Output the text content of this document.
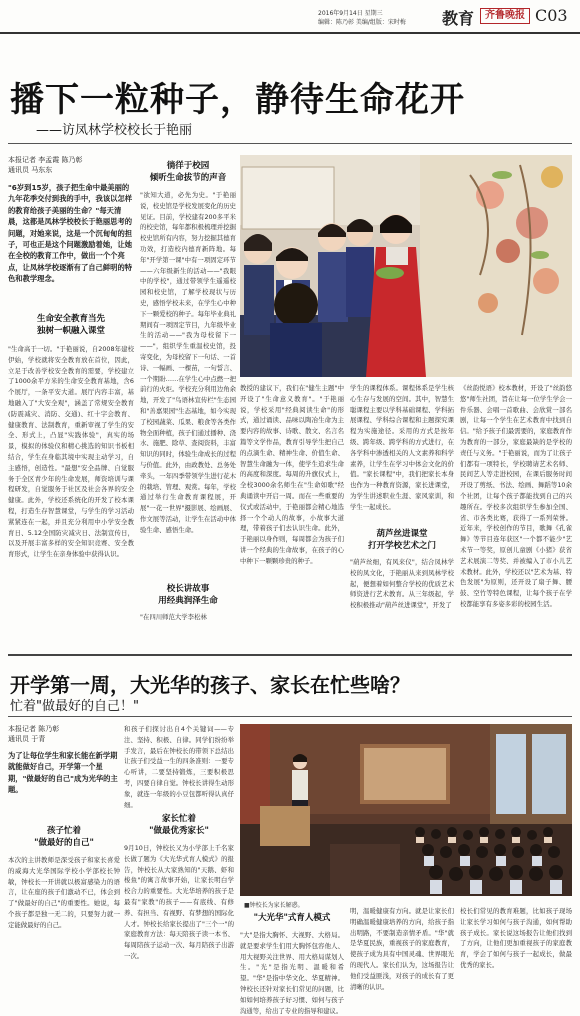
2016年9月14日 星期三
编辑：陈乃彰 美编/组版：宋时梅	教育	齐鲁晚报 C03
播下一粒种子，静待生命花开
——访凤林学校校长于艳丽
本报记者 李孟霞 陈乃彰
通讯员 马东东
"6岁到15岁，孩子把生命中最美丽的九年花季交付到我的手中，我该以怎样的教育给孩子美丽的生命？"每天清晨，这都是凤林学校校长于艳丽思考的问题，对她来说，这是一个沉甸甸的担子，可也正是这个问题激励着她，让她在全校的教育工作中，做出一个个亮点，让凤林学校逐渐有了自己鲜明的特色和教学理念。
生命安全教育当先
独树一帜融入课堂
"生命高于一切。"于艳丽说，自2008年建校伊始，学校就将安全教育放在首位，因此，立足于改善学校安全教育的需要，学校建立了1000余平方米的生命安全教育基地，含6个展厅，一条平安大道。展厅内容丰富，基地融入了"大安全观"，涵盖了常规安全教育(防震减灾、消防、交通)、红十字会教育、健康教育、法制教育，重新审视了学生的安全、形式上，凸显"实践体验"，真实的场景，模拟的体验仪和精心挑选的知识书板相结合，学生在身临其境中实现主动学习，自主感悟，创造性。"最想"安全品牌、自觉服务于全区青少年的生命发展，师资培训与课程研发，自觉服务于社区及社会各界的安全健康。此外，学校还系统化的开发了校本课程，打造生存智慧课堂，与学生的学习活动紧紧连在一起，并且充分利用中小学安全教育日、5.12全国防灾减灾日、法制宣传日，以及开展丰富多样的安全知识竞赛、安全教育形式，让学生在亲身体验中获得认识。
徜徉于校园
倾听生命拔节的声音
"欲知大道，必先为史。"于艳丽说，校史馆是学校发展变化的历史见证。目前，学校建有200多平米的校史馆，每年都积极梳理并挖掘校史馆所有内容，努力挖掘其德育功效，打造校内德育新阵地。每年"开学第一课"中有一项固定环节——六年级新生的活动——"我眼中的学校"，通过带领学生遥遥校园和校史馆，了解学校现状与历史，感悟学校未来，在学生心中种下一颗爱校的种子。每年毕业典礼期间有一项固定节目，九年级毕业生的活动——"我为母校留下一——"，组织学生重温校史馆，投寄变化，为母校留下一句话、一首诗、一幅画、一棵苗，一句誓言、一个期盼……在学生心中点燃一把前行的火炬。学校充分利用边角余地，开发了"鸟语林宣传栏"生态园和"善嘉果园"生态基地，如今实现了校园蔬菜、瓜果、粮食等各类作物全面种植，孩子们通过播种、浇水、施肥、除草、查阅资料，丰富知识的同时，体验生命成长的过程与价值。此外，由政教处、总务处牵头，一年四季带领学生进行花木的栽培、管理、观赏。每年，学校通过举行生命教育课程展，开展"一花一世界"摄影展、绘画展、作文展等活动，让学生在活动中体验生命、感悟生命。
校长讲故事
用经典润泽生命
"在四川师范大学李松林
教授的建议下，我们在"健生主题"中开设了"生命意义教育"。"于艳丽说，学校采用"经典阅读生命"的形式，通过诵读、品味以陶冶生命为主要内容的故事、诗歌、散文、名言名篇等文学作品，教育引导学生把自己的点滴生命、精神生命、价值生命、智慧生命融为一体，使学生追求生命的高度和深度。每周的升旗仪式上，全校3000余名师生在"生命如歌"经典诵读中开启一周。而在一些重要的仪式或活动中，于艳丽都会精心地选择一个个动人的故事，小故事大道理，带着孩子们去认识生命。此外，于艳丽以身作则，每周都会为孩子们讲一个经典的生命故事，在孩子的心中种下一颗颗珍贵的种子。
学生的课程体系。课程体系是学生核心生存与发展的空间。其中，智慧生聪课程主要以学科基础课程、学科拓展课程、学科综合课程和主题探究课程为实施途径。采用的方式是按年级、跨年级、跨学科的方式进行，在各学科中渗透相关的人文素养和科学素养，让学生在学习中体会文化的价值。"家长课程"中，我们把家长本身也作为一种教育资源，家长进课堂，为学生讲述职业生涯、家风家训，和学生一起成长。
葫芦丝进课堂
打开学校艺术之门
"葫芦丝细，有风来仪"，结合凤林学校的凤文化，于艳丽从来到凤林学校起，便想着如何整合学校的优质艺术师资进行艺术教育。从三年级起，学校积极推动"葫芦丝进课堂"，开发了
《丝韵悦语》校本教材，开设了"丝韵悠悠"师生社团，旨在让每一位学生学会一件乐器、会唱一首歌曲、会欣赏一部名剧，让每一个学生在艺术教育中找到自信。"给予孩子们最需要的，家庭教育作为教育的一部分，家庭最缺的是学校的责任与义务。"于艳丽说，而为了让孩子们都有一项特长，学校聘请艺术名师、民间艺人等走进校园，在课后服务时间开设了剪纸、书法、绘画、舞蹈等10余个社团，让每个孩子都能找到自己的兴趣所在。学校多次组织学生参加全国、省、市各类比赛，获得了一系列荣誉。近年来，学校创作的节目，歌舞《孔雀舞》等节目连年获区"一个都不能少"艺术节一等奖，原创儿童剧《小猪》获省艺术展演二等奖、并被编入了市小儿艺术教材。此外，学校还以"艺术为基、特色发展"为原则，还开设了扇子舞、腰鼓、空竹等特色课程，让每个孩子在学校都能享有多姿多彩的校园生活。
开学第一周，大光华的孩子、家长在忙些啥？
忙着"做最好的自己！"
本报记者 陈乃彰
通讯员 于青
为了让每位学生和家长能在新学期就能做好自己，开学第一个星期，"做最好的自己"成为光华的主题。
孩子忙着
"做最好的自己"
本次的主讲教师是深受孩子和家长喜爱的威海大光华国际学校小学部校长钟敏，钟校长一开讲就以极富感染力的语言，让在座的孩子们激动不已，体会到了"做最好的自己"的重要性。她说，每个孩子都是独一无二的，只要努力就一定能做最好的自己。
和孩子们探讨出自4个关键词——专注、坚持、积极、自律。同学们纷纷举手发言，最后在钟校长的带领下总结出让孩子们受益一生的四条准则：一要专心听讲，二要坚持锻炼，三要积极思考，四要自律自觉。钟校长讲得生动形象，就连一年级的小豆包都听得认真仔细。
家长忙着
"做最优秀家长"
9月10日，钟校长又为小学部上千名家长做了题为《大光华式育人模式》的报告，钟校长从大家熟知的"天鹅、虾和梭鱼"的寓言故事开始，让家长明白学校合力的重要性。大光华培养的孩子是最有"家教"的孩子——有底线、有修养、有担当、有视野、有梦想的国际化人才。钟校长给家长提出了"三个一"的家庭教育方法：每天陪孩子读一本书、每周陪孩子运动一次、每月陪孩子出游一次。
■钟校长为家长解惑。
"大光华"式育人模式
"大"是指大胸怀、大视野、大格局。就是要求学生们用大胸怀包容他人、用大视野关注世界、用大格局谋划人生。"光"是指光明、温暖和希望。"华"是指中华文化、华夏精神。钟校长还针对家长们常见的问题，比如如何培养孩子好习惯、如何与孩子沟通等，给出了专业的指导和建议。
明，温暖健康有方向。就是让家长们明确温暖健康培养的方向，给孩子指出明路，不要制造亲情矛盾。"华"就是华夏民族，重视孩子的家庭教育，使孩子成为具有中国灵魂、世界眼光的现代人。家长们认为，这场报告让他们受益匪浅，对孩子的成长有了更清晰的认识。
校长们常见的教育难题，比如孩子现场让家长学习如何与孩子沟通，如何帮助孩子成长。家长说这场报告让他们找到了方向，让他们更加重视孩子的家庭教育，学会了如何与孩子一起成长，做最优秀的家长。
